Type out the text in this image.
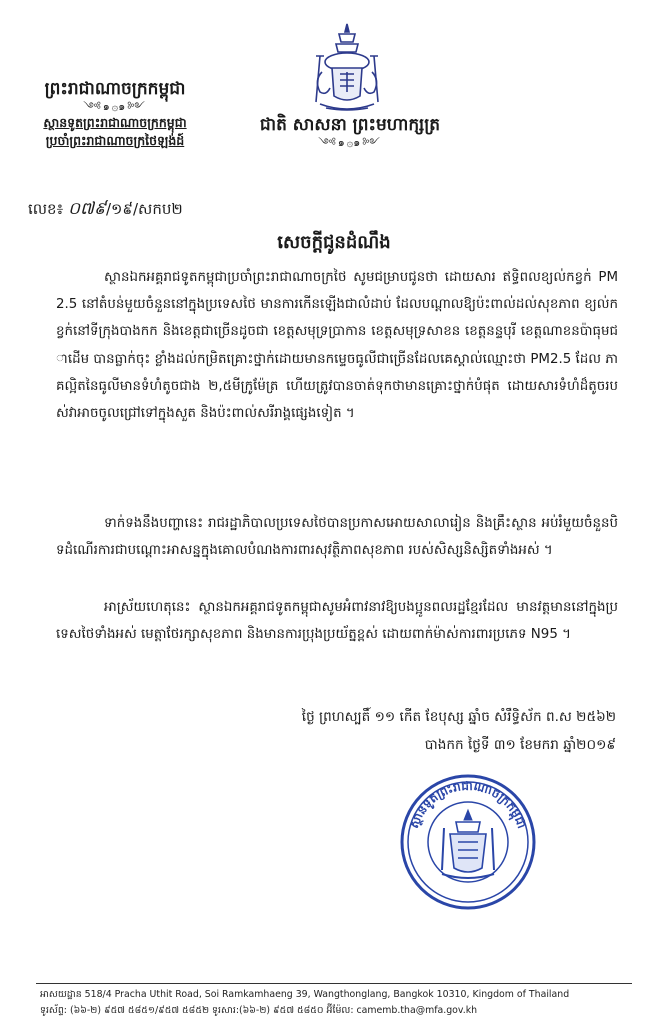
ព្រះរាជាណាចក្រកម្ពុជា
༺๑۞๑༻
ស្ថានទូតព្រះរាជាណាចក្រកម្ពុជា
ប្រចាំព្រះរាជាណាចក្រថៃឡង់ដ៍
ជាតិ សាសនា ព្រះមហាក្សត្រ
༺๑۞๑༻
លេខ៖ ០៧៩/១៩/សកប២
សេចក្តីជូនដំណឹង

ស្ថានឯកអគ្គរាជទូតកម្ពុជាប្រចាំព្រះរាជាណាចក្រថៃ សូមជម្រាបជូនថា ដោយសារ ឥទ្ធិពលខ្យល់កខ្វក់ PM2.5 នៅតំបន់មួយចំនួននៅក្នុងប្រទេសថៃ មានការកើនឡើងជាលំដាប់ ដែលបណ្តាលឱ្យប៉ះពាល់ដល់សុខភាព ខ្យល់កខ្វក់នៅទីក្រុងបាងកក និងខេត្តជាច្រើនដូចជា ខេត្តសមុទ្រប្រាកាន ខេត្តសមុទ្រសាខន ខេត្តនន្ទបុរី ខេត្តណាខនប៉ាធុមជាដើម បានធ្លាក់ចុះ ខ្លាំងដល់កម្រិតគ្រោះថ្នាក់ដោយមានកម្ទេចធូលីជាច្រើនដែលគេស្គាល់ឈ្មោះថា PM2.5 ដែល ភាគល្អិតនៃធូលីមានទំហំតូចជាង ២,៥មីក្រូម៉ែត្រ ហើយត្រូវបានចាត់ទុកថាមានគ្រោះថ្នាក់បំផុត ដោយសារទំហំដ៏តូចរបស់វាអាចចូលជ្រៅទៅក្នុងសួត និងប៉ះពាល់សរីរាង្គផ្សេងទៀត ។

ទាក់ទងនឹងបញ្ហានេះ រាជរដ្ឋាភិបាលប្រទេសថៃបានប្រកាសអោយសាលារៀន និងគ្រឹះស្ថាន អប់រំមួយចំនួនបិទដំណើរការជាបណ្តោះអាសន្នក្នុងគោលបំណងការពារសុវត្ថិភាពសុខភាព របស់សិស្សនិស្សិតទាំងអស់ ។

អាស្រ័យហេតុនេះ ស្ថានឯកអគ្គរាជទូតកម្ពុជាសូមអំពាវនាវឱ្យបងប្អូនពលរដ្ឋខ្មែរដែល មានវត្តមាននៅក្នុងប្រទេសថៃទាំងអស់ មេត្តាថែរក្សាសុខភាព និងមានការប្រុងប្រយ័ត្នខ្ពស់ ដោយពាក់ម៉ាស់ការពារប្រភេទ N95 ។

ថ្ងៃ ព្រហស្បតិ៍ ១១ កេីត ខែបុស្ស ឆ្នាំច សំរឹទ្ធិស័ក ព.ស ២៥៦២
បាងកក ថ្ងៃទី ៣១ ខែមករា ឆ្នាំ២០១៩
ស្ថានទូតព្រះរាជាណាចក្រកម្ពុជា
អាសយដ្ឋាន 518/4 Pracha Uthit Road, Soi Ramkamhaeng 39, Wangthonglang, Bangkok 10310, Kingdom of Thailand
ទូរស័ព្ទ: (៦៦-២) ៩៥៧ ៥៨៥១/៩៥៧ ៥៨៥២ ទូរសារ:(៦៦-២) ៩៥៧ ៥៨៥០ អ៊ីម៉ែល: camemb.tha@mfa.gov.kh
